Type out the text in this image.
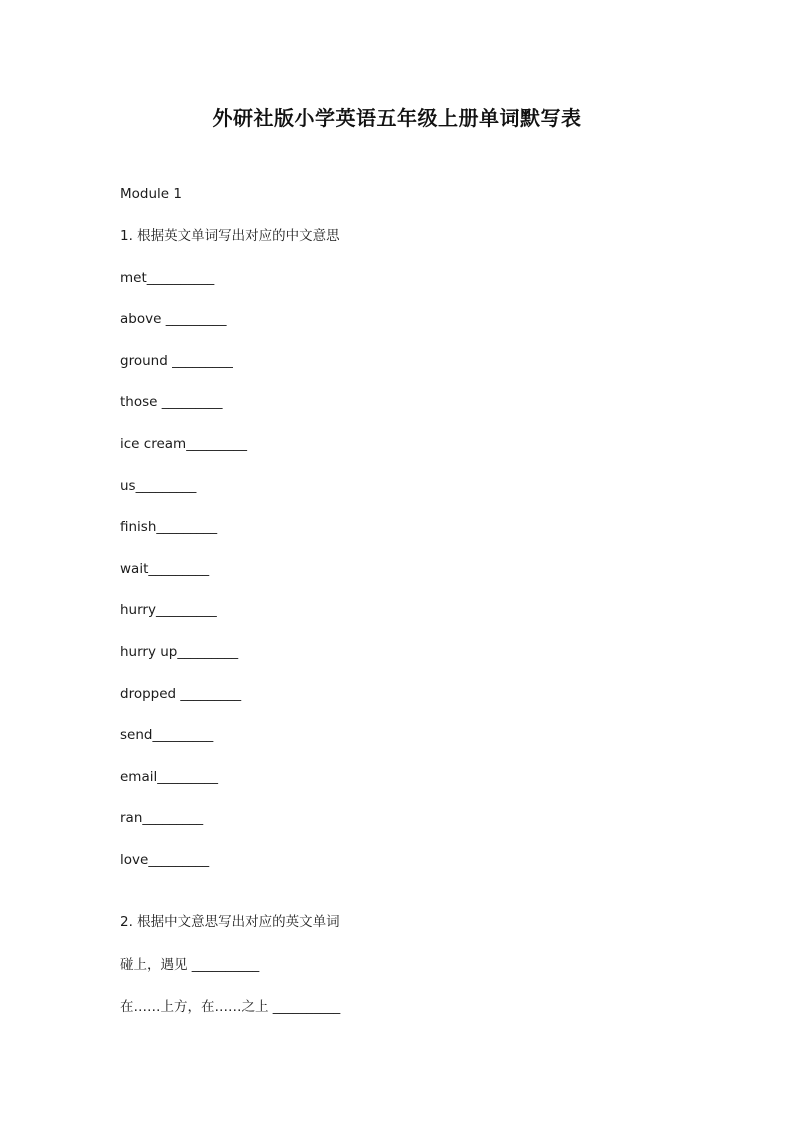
外研社版小学英语五年级上册单词默写表

Module 1

1. 根据英文单词写出对应的中文意思

met__________

above _________

ground _________

those _________

ice cream_________

us_________

finish_________

wait_________

hurry_________

hurry up_________

dropped _________

send_________

email_________

ran_________

love_________

2. 根据中文意思写出对应的英文单词

碰上，遇见 __________

在……上方，在……之上 __________
